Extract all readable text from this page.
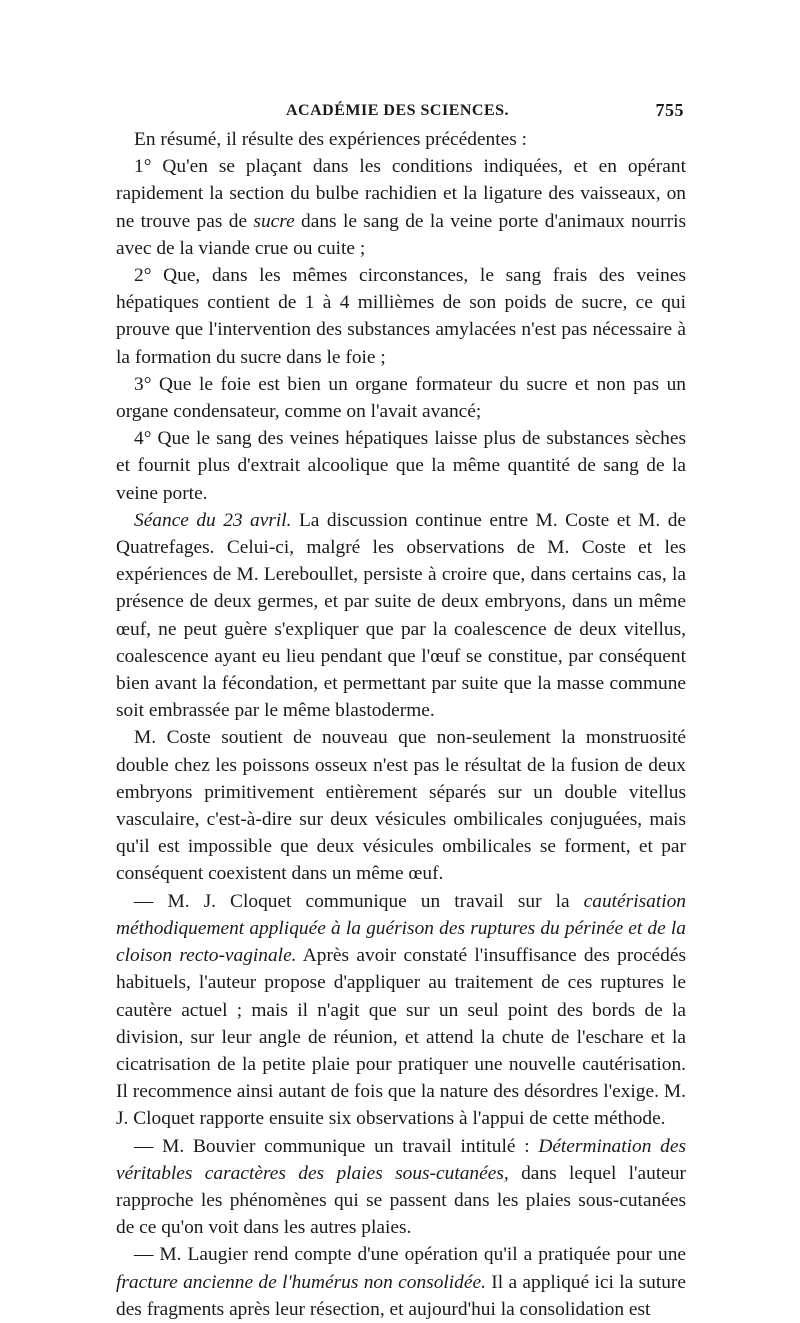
ACADÉMIE DES SCIENCES.	755

En résumé, il résulte des expériences précédentes :

1° Qu'en se plaçant dans les conditions indiquées, et en opérant rapidement la section du bulbe rachidien et la ligature des vaisseaux, on ne trouve pas de sucre dans le sang de la veine porte d'animaux nourris avec de la viande crue ou cuite ;

2° Que, dans les mêmes circonstances, le sang frais des veines hépatiques contient de 1 à 4 millièmes de son poids de sucre, ce qui prouve que l'intervention des substances amylacées n'est pas nécessaire à la formation du sucre dans le foie ;

3° Que le foie est bien un organe formateur du sucre et non pas un organe condensateur, comme on l'avait avancé;

4° Que le sang des veines hépatiques laisse plus de substances sèches et fournit plus d'extrait alcoolique que la même quantité de sang de la veine porte.

Séance du 23 avril. La discussion continue entre M. Coste et M. de Quatrefages. Celui-ci, malgré les observations de M. Coste et les expériences de M. Lereboullet, persiste à croire que, dans certains cas, la présence de deux germes, et par suite de deux embryons, dans un même œuf, ne peut guère s'expliquer que par la coalescence de deux vitellus, coalescence ayant eu lieu pendant que l'œuf se constitue, par conséquent bien avant la fécondation, et permettant par suite que la masse commune soit embrassée par le même blastoderme.

M. Coste soutient de nouveau que non-seulement la monstruosité double chez les poissons osseux n'est pas le résultat de la fusion de deux embryons primitivement entièrement séparés sur un double vitellus vasculaire, c'est-à-dire sur deux vésicules ombilicales conjuguées, mais qu'il est impossible que deux vésicules ombilicales se forment, et par conséquent coexistent dans un même œuf.

— M. J. Cloquet communique un travail sur la cautérisation méthodiquement appliquée à la guérison des ruptures du périnée et de la cloison recto-vaginale. Après avoir constaté l'insuffisance des procédés habituels, l'auteur propose d'appliquer au traitement de ces ruptures le cautère actuel ; mais il n'agit que sur un seul point des bords de la division, sur leur angle de réunion, et attend la chute de l'eschare et la cicatrisation de la petite plaie pour pratiquer une nouvelle cautérisation. Il recommence ainsi autant de fois que la nature des désordres l'exige. M. J. Cloquet rapporte ensuite six observations à l'appui de cette méthode.

— M. Bouvier communique un travail intitulé : Détermination des véritables caractères des plaies sous-cutanées, dans lequel l'auteur rapproche les phénomènes qui se passent dans les plaies sous-cutanées de ce qu'on voit dans les autres plaies.

— M. Laugier rend compte d'une opération qu'il a pratiquée pour une fracture ancienne de l'humérus non consolidée. Il a appliqué ici la suture des fragments après leur résection, et aujourd'hui la consolidation est
